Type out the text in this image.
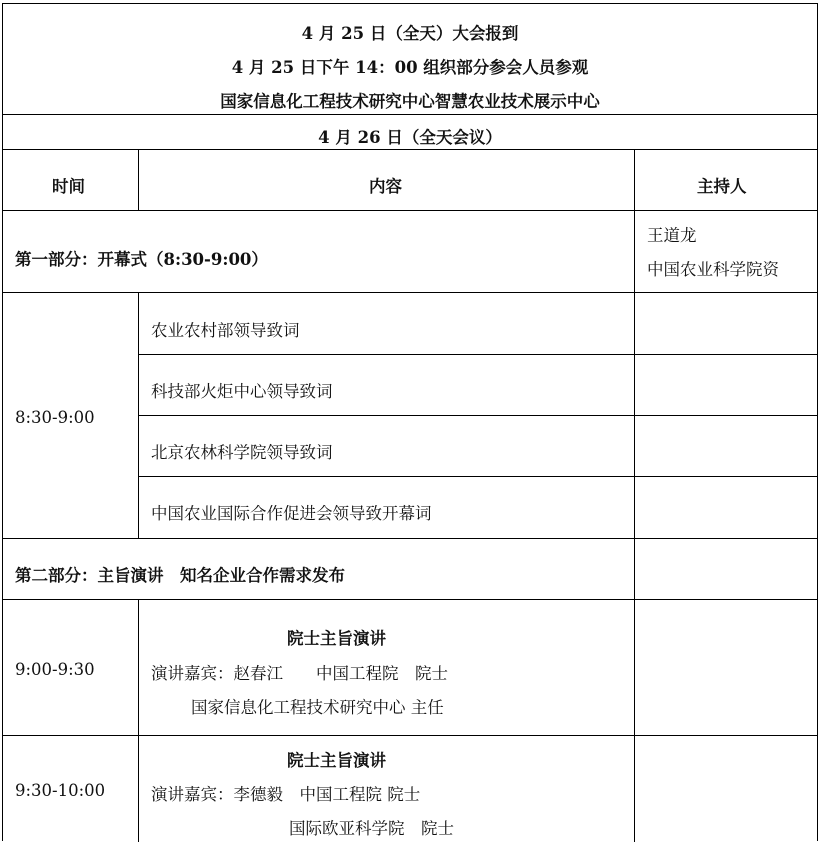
4 月 25 日（全天）大会报到
4 月 25 日下午 14：00 组织部分参会人员参观
国家信息化工程技术研究中心智慧农业技术展示中心
4 月 26 日（全天会议）
时间	内容	主持人
第一部分：开幕式（8:30-9:00）
王道龙
中国农业科学院资
8:30-9:00
农业农村部领导致词
科技部火炬中心领导致词
北京农林科学院领导致词
中国农业国际合作促进会领导致开幕词
第二部分：主旨演讲　知名企业合作需求发布
9:00-9:30
院士主旨演讲
演讲嘉宾：赵春江　　中国工程院　院士
国家信息化工程技术研究中心 主任
9:30-10:00
院士主旨演讲
演讲嘉宾：李德毅　中国工程院 院士
国际欧亚科学院　院士
